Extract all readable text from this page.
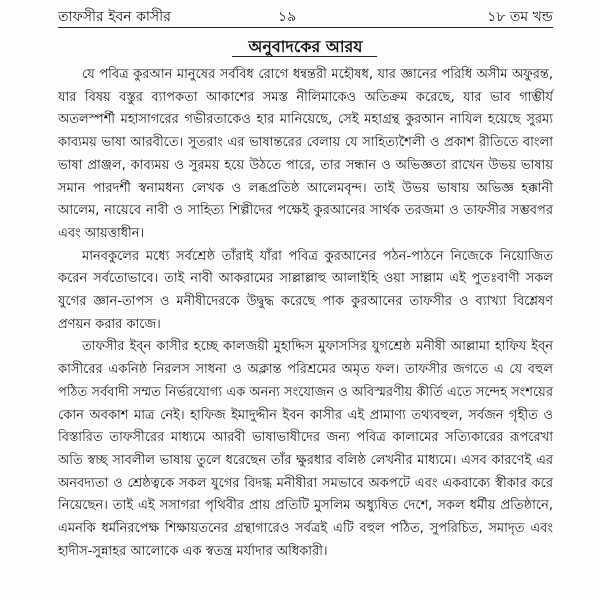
তাফসীর ইবন কাসীর	১৯	১৮ তম খন্ড
অনুবাদকের আরয

যে পবিত্র কুরআন মানুষের সর্ববিধ রোগে ধন্বন্তরী মহৌষধ, যার জ্ঞানের পরিধি অসীম অফুরন্ত, যার বিষয় বস্তুর ব্যাপকতা আকাশের সমস্ত নীলিমাকেও অতিক্রম করেছে, যার ভাব গাম্ভীর্য অতলস্পর্শী মহাসাগরের গভীরতাকেও হার মানিয়েছে, সেই মহাগ্রন্থ কুরআন নাযিল হয়েছে সুরম্য কাব্যময় ভাষা আরবীতে। সুতরাং এর ভাষান্তরের বেলায় যে সাহিত্যশৈলী ও প্রকাশ রীতিতে বাংলা ভাষা প্রাঞ্জল, কাব্যময় ও সুরময় হয়ে উঠতে পারে, তার সন্ধান ও অভিজ্ঞতা রাখেন উভয় ভাষায় সমান পারদর্শী স্বনামধন্য লেখক ও লব্ধপ্রতিষ্ঠ আলেমবৃন্দ। তাই উভয় ভাষায় অভিজ্ঞ হক্কানী আলেম, নায়েবে নাবী ও সাহিত্য শিল্পীদের পক্ষেই কুরআনের সার্থক তরজমা ও তাফসীর সম্ভবপর এবং আয়ত্তাধীন।

মানবকুলের মধ্যে সর্বশ্রেষ্ঠ তাঁরাই যাঁরা পবিত্র কুরআনের পঠন-পাঠনে নিজেকে নিয়োজিত করেন সর্বতোভাবে। তাই নাবী আকরামের সাল্লাল্লাহু আলাইহি ওয়া সাল্লাম এই পুতঃবাণী সকল যুগের জ্ঞান-তাপস ও মনীষীদেরকে উদ্বুদ্ধ করেছে পাক কুরআনের তাফসীর ও ব্যাখ্যা বিশ্লেষণ প্রণয়ন করার কাজে।

তাফসীর ইব্‌ন কাসীর হচ্ছে কালজয়ী মুহাদ্দিস মুফাসসির যুগশ্রেষ্ঠ মনীষী আল্লামা হাফিয ইব্‌ন কাসীরের একনিষ্ঠ নিরলস সাধনা ও অক্লান্ত পরিশ্রমের অমৃত ফল। তাফসীর জগতে এ যে বহুল পঠিত সর্ববাদী সম্মত নির্ভরযোগ্য এক অনন্য সংযোজন ও অবিস্মরণীয় কীর্তি এতে সন্দেহ সংশয়ের কোন অবকাশ মাত্র নেই। হাফিজ ইমাদুদ্দীন ইবন কাসীর এই প্রামাণ্য তথ্যবহুল, সর্বজন গৃহীত ও বিস্তারিত তাফসীরের মাধ্যমে আরবী ভাষাভাষীদের জন্য পবিত্র কালামের সত্যিকারের রূপরেখা অতি স্বচ্ছ সাবলীল ভাষায় তুলে ধরেছেন তাঁর ক্ষুরধার বলিষ্ঠ লেখনীর মাধ্যমে। এসব কারণেই এর অনবদ্যতা ও শ্রেষ্ঠত্বকে সকল যুগের বিদগ্ধ মনীষীরা সমভাবে অকপটে এবং একবাক্যে স্বীকার করে নিয়েছেন। তাই এই সসাগরা পৃথিবীর প্রায় প্রতিটি মুসলিম অধ্যুষিত দেশে, সকল ধর্মীয় প্রতিষ্ঠানে, এমনকি ধর্মনিরপেক্ষ শিক্ষায়তনের গ্রন্থাগারেও সর্বত্রই এটি বহুল পঠিত, সুপরিচিত, সমাদৃত এবং হাদীস-সুন্নাহর আলোকে এক স্বতন্ত্র মর্যাদার অধিকারী।
